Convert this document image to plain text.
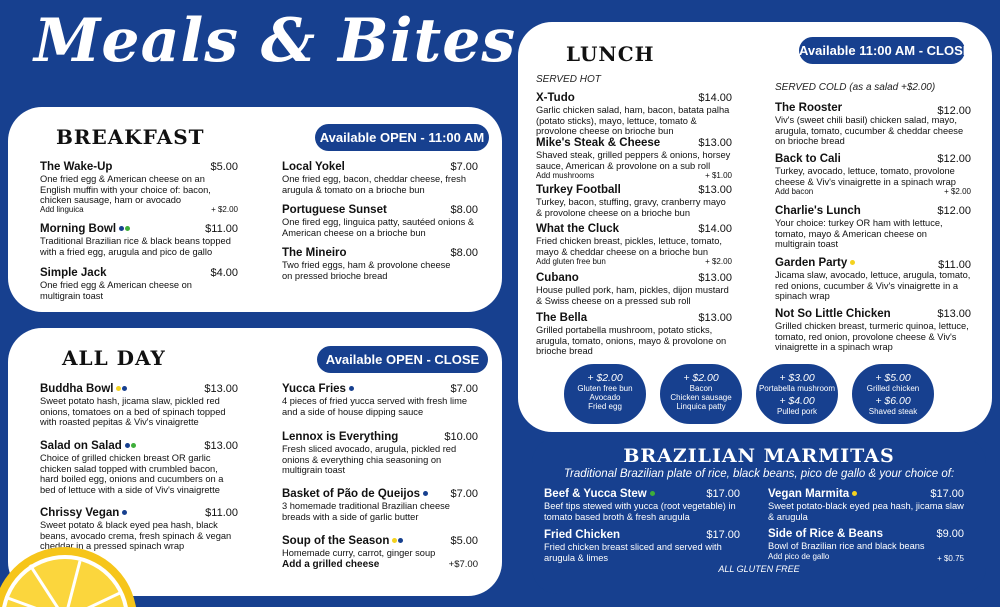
Meals & Bites
BREAKFAST	Available OPEN - 11:00 AM
The Wake-Up	$5.00
One fried egg & American cheese on an English muffin with your choice of: bacon, chicken sausage, ham or avocado
Add linguica	+ $2.00
Morning Bowl	$11.00
Traditional Brazilian rice & black beans topped with a fried egg, arugula and pico de gallo
Simple Jack	$4.00
One fried egg & American cheese on multigrain toast
Local Yokel	$7.00
One fried egg, bacon, cheddar cheese, fresh arugula & tomato on a brioche bun
Portuguese Sunset	$8.00
One fired egg, linguica patty, sautéed onions & American cheese on a brioche bun
The Mineiro	$8.00
Two fried eggs, ham & provolone cheese on pressed brioche bread
ALL DAY	Available OPEN - CLOSE
Buddha Bowl	$13.00
Sweet potato hash, jicama slaw, pickled red onions, tomatoes on a bed of spinach topped with roasted pepitas & Viv's vinaigrette
Salad on Salad	$13.00
Choice of grilled chicken breast OR garlic chicken salad topped with crumbled bacon, hard boiled egg, onions and cucumbers on a bed of lettuce with a side of Viv's vinaigrette
Chrissy Vegan	$11.00
Sweet potato & black eyed pea hash, black beans, avocado crema, fresh spinach & vegan cheddar in a pressed spinach wrap
Yucca Fries	$7.00
4 pieces of fried yucca served with fresh lime and a side of house dipping sauce
Lennox is Everything	$10.00
Fresh sliced avocado, arugula, pickled red onions & everything chia seasoning on multigrain toast
Basket of Pão de Queijos	$7.00
3 homemade traditional Brazilian cheese breads with a side of garlic butter
Soup of the Season	$5.00
Homemade curry, carrot, ginger soup
Add a grilled cheese	+$7.00
LUNCH	Available 11:00 AM - CLOSE
SERVED HOT
SERVED COLD (as a salad +$2.00)
X-Tudo	$14.00
Garlic chicken salad, ham, bacon, batata palha (potato sticks), mayo, lettuce, tomato & provolone cheese on brioche bun
Mike's Steak & Cheese	$13.00
Shaved steak, grilled peppers & onions, horsey sauce, American & provolone on a sub roll
Add mushrooms	+ $1.00
Turkey Football	$13.00
Turkey, bacon, stuffing, gravy, cranberry mayo & provolone cheese on a brioche bun
What the Cluck	$14.00
Fried chicken breast, pickles, lettuce, tomato, mayo & cheddar cheese on a brioche bun
Add gluten free bun	+ $2.00
Cubano	$13.00
House pulled pork, ham, pickles, dijon mustard & Swiss cheese on a pressed sub roll
The Bella	$13.00
Grilled portabella mushroom, potato sticks, arugula, tomato, onions, mayo & provolone on brioche bread
The Rooster	$12.00
Viv's (sweet chili basil) chicken salad, mayo, arugula, tomato, cucumber & cheddar cheese on brioche bread
Back to Cali	$12.00
Turkey, avocado, lettuce, tomato, provolone cheese & Viv's vinaigrette in a spinach wrap
Add bacon	+ $2.00
Charlie's Lunch	$12.00
Your choice: turkey OR ham with lettuce, tomato, mayo & American cheese on multigrain toast
Garden Party	$11.00
Jicama slaw, avocado, lettuce, arugula, tomato, red onions, cucumber & Viv's vinaigrette in a spinach wrap
Not So Little Chicken	$13.00
Grilled chicken breast, turmeric quinoa, lettuce, tomato, red onion, provolone cheese & Viv's vinaigrette in a spinach wrap
+ $2.00
Gluten free bun
Avocado
Fried egg
+ $2.00
Bacon
Chicken sausage
Linquica patty
+ $3.00
Portabella mushroom
+ $4.00
Pulled pork
+ $5.00
Grilled chicken
+ $6.00
Shaved steak
BRAZILIAN MARMITAS
Traditional Brazilian plate of rice, black beans, pico de gallo & your choice of:
Beef & Yucca Stew	$17.00
Beef tips stewed with yucca (root vegetable) in tomato based broth & fresh arugula
Fried Chicken	$17.00
Fried chicken breast sliced and served with arugula & limes
Vegan Marmita	$17.00
Sweet potato-black eyed pea hash, jicama slaw & arugula
Side of Rice & Beans	$9.00
Bowl of Brazilian rice and black beans
Add pico de gallo	+ $0.75
ALL GLUTEN FREE
